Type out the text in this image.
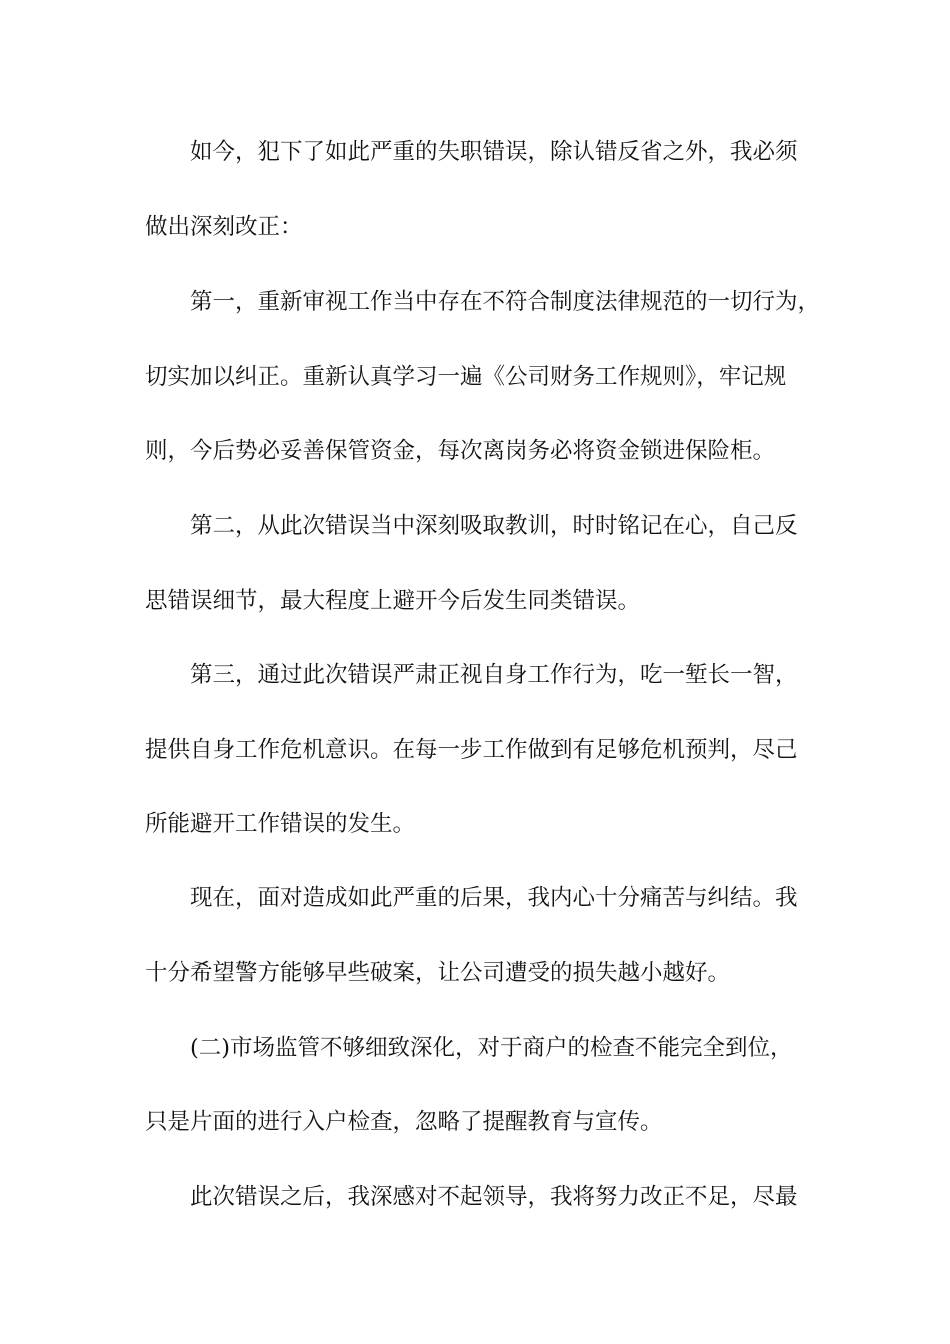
如今，犯下了如此严重的失职错误，除认错反省之外，我必须
做出深刻改正：
第一，重新审视工作当中存在不符合制度法律规范的一切行为，
切实加以纠正。重新认真学习一遍《公司财务工作规则》，牢记规
则，今后势必妥善保管资金，每次离岗务必将资金锁进保险柜。
第二，从此次错误当中深刻吸取教训，时时铭记在心，自己反
思错误细节，最大程度上避开今后发生同类错误。
第三，通过此次错误严肃正视自身工作行为，吃一堑长一智，
提供自身工作危机意识。在每一步工作做到有足够危机预判，尽己
所能避开工作错误的发生。
现在，面对造成如此严重的后果，我内心十分痛苦与纠结。我
十分希望警方能够早些破案，让公司遭受的损失越小越好。
(二)市场监管不够细致深化，对于商户的检查不能完全到位，
只是片面的进行入户检查，忽略了提醒教育与宣传。
此次错误之后，我深感对不起领导，我将努力改正不足，尽最
